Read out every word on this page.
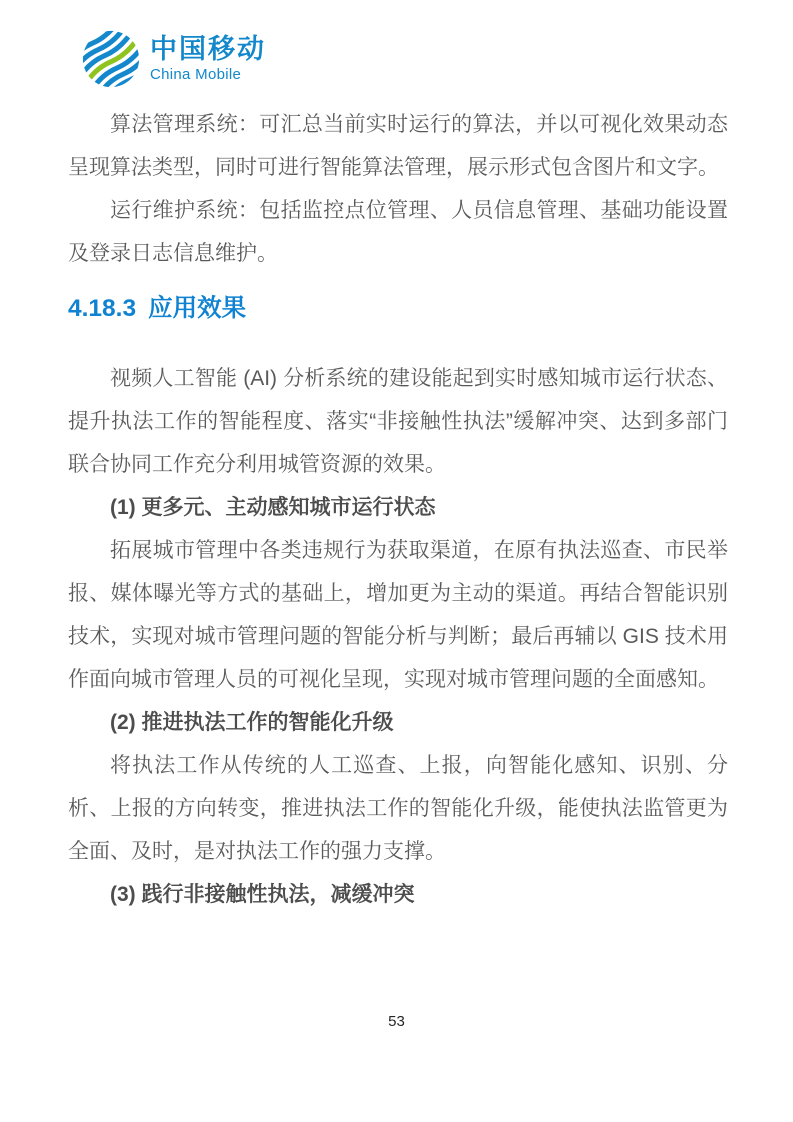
中国移动
China Mobile

算法管理系统：可汇总当前实时运行的算法，并以可视化效果动态呈现算法类型，同时可进行智能算法管理，展示形式包含图片和文字。

运行维护系统：包括监控点位管理、人员信息管理、基础功能设置及登录日志信息维护。

4.18.3 应用效果

视频人工智能 (AI) 分析系统的建设能起到实时感知城市运行状态、提升执法工作的智能程度、落实“非接触性执法”缓解冲突、达到多部门联合协同工作充分利用城管资源的效果。

(1) 更多元、主动感知城市运行状态

拓展城市管理中各类违规行为获取渠道，在原有执法巡查、市民举报、媒体曝光等方式的基础上，增加更为主动的渠道。再结合智能识别技术，实现对城市管理问题的智能分析与判断；最后再辅以 GIS 技术用作面向城市管理人员的可视化呈现，实现对城市管理问题的全面感知。

(2) 推进执法工作的智能化升级

将执法工作从传统的人工巡查、上报，向智能化感知、识别、分析、上报的方向转变，推进执法工作的智能化升级，能使执法监管更为全面、及时，是对执法工作的强力支撑。

(3) 践行非接触性执法，减缓冲突

53
